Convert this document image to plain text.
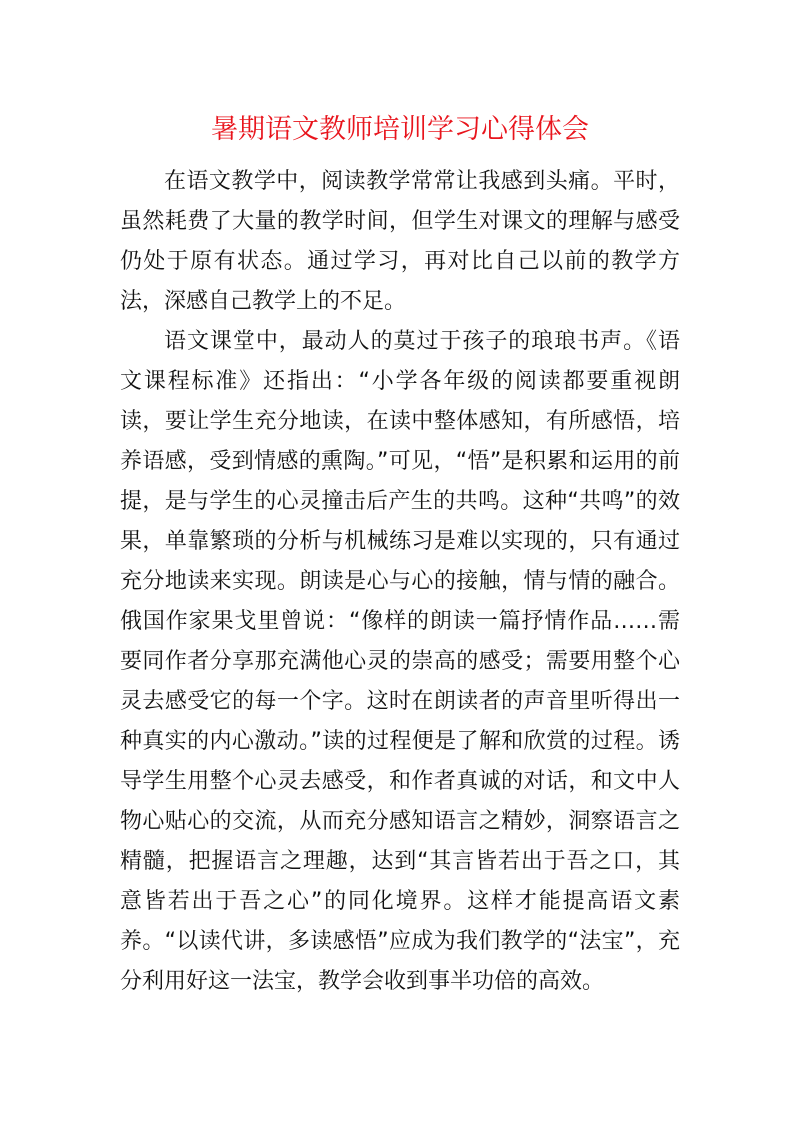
暑期语文教师培训学习心得体会

在语文教学中，阅读教学常常让我感到头痛。平时，虽然耗费了大量的教学时间，但学生对课文的理解与感受仍处于原有状态。通过学习，再对比自己以前的教学方法，深感自己教学上的不足。

语文课堂中，最动人的莫过于孩子的琅琅书声。《语文课程标准》还指出：“小学各年级的阅读都要重视朗读，要让学生充分地读，在读中整体感知，有所感悟，培养语感，受到情感的熏陶。”可见，“悟”是积累和运用的前提，是与学生的心灵撞击后产生的共鸣。这种“共鸣”的效果，单靠繁琐的分析与机械练习是难以实现的，只有通过充分地读来实现。朗读是心与心的接触，情与情的融合。俄国作家果戈里曾说：“像样的朗读一篇抒情作品……需要同作者分享那充满他心灵的崇高的感受；需要用整个心灵去感受它的每一个字。这时在朗读者的声音里听得出一种真实的内心激动。”读的过程便是了解和欣赏的过程。诱导学生用整个心灵去感受，和作者真诚的对话，和文中人物心贴心的交流，从而充分感知语言之精妙，洞察语言之精髓，把握语言之理趣，达到“其言皆若出于吾之口，其意皆若出于吾之心”的同化境界。这样才能提高语文素养。“以读代讲，多读感悟”应成为我们教学的“法宝”，充分利用好这一法宝，教学会收到事半功倍的高效。
